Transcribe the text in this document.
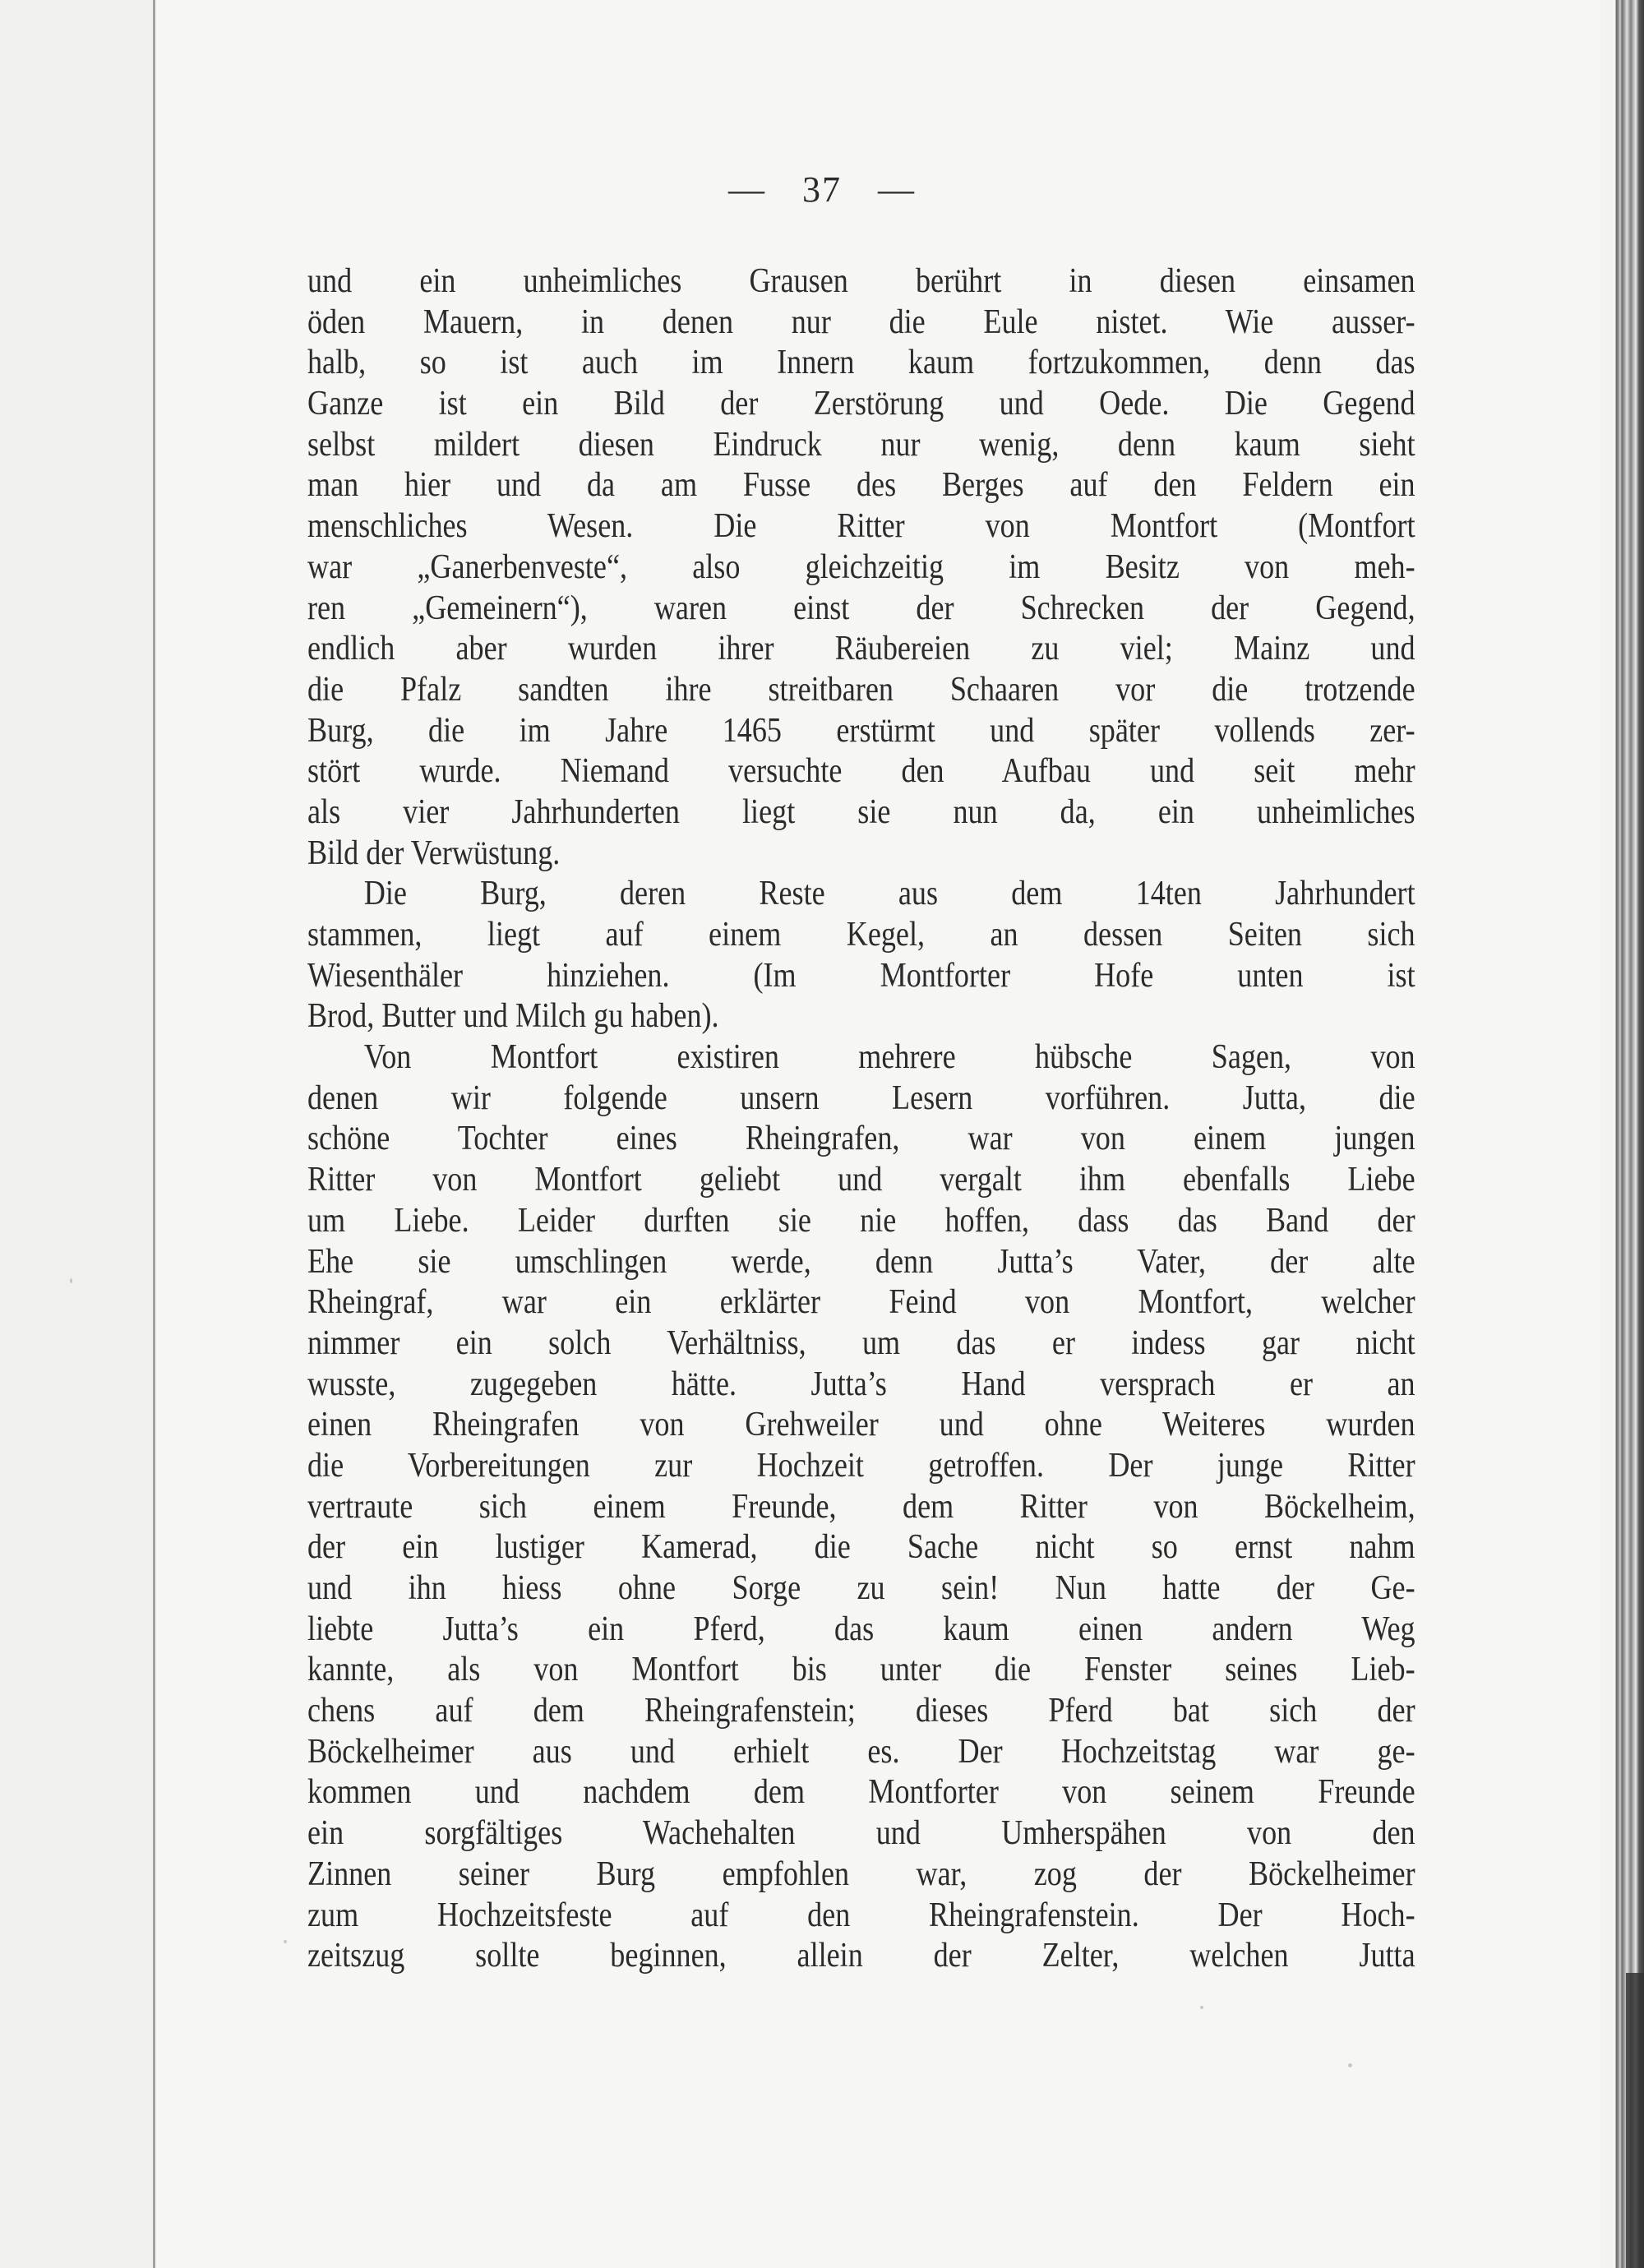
— 37 —
und ein unheimliches Grausen berührt in diesen einsamen
öden Mauern, in denen nur die Eule nistet. Wie ausser-
halb, so ist auch im Innern kaum fortzukommen, denn das
Ganze ist ein Bild der Zerstörung und Oede. Die Gegend
selbst mildert diesen Eindruck nur wenig, denn kaum sieht
man hier und da am Fusse des Berges auf den Feldern ein
menschliches Wesen. Die Ritter von Montfort (Montfort
war „Ganerbenveste“, also gleichzeitig im Besitz von meh-
ren „Gemeinern“), waren einst der Schrecken der Gegend,
endlich aber wurden ihrer Räubereien zu viel; Mainz und
die Pfalz sandten ihre streitbaren Schaaren vor die trotzende
Burg, die im Jahre 1465 erstürmt und später vollends zer-
stört wurde. Niemand versuchte den Aufbau und seit mehr
als vier Jahrhunderten liegt sie nun da, ein unheimliches
Bild der Verwüstung.
Die Burg, deren Reste aus dem 14ten Jahrhundert
stammen, liegt auf einem Kegel, an dessen Seiten sich
Wiesenthäler hinziehen. (Im Montforter Hofe unten ist
Brod, Butter und Milch gu haben).
Von Montfort existiren mehrere hübsche Sagen, von
denen wir folgende unsern Lesern vorführen. Jutta, die
schöne Tochter eines Rheingrafen, war von einem jungen
Ritter von Montfort geliebt und vergalt ihm ebenfalls Liebe
um Liebe. Leider durften sie nie hoffen, dass das Band der
Ehe sie umschlingen werde, denn Jutta’s Vater, der alte
Rheingraf, war ein erklärter Feind von Montfort, welcher
nimmer ein solch Verhältniss, um das er indess gar nicht
wusste, zugegeben hätte. Jutta’s Hand versprach er an
einen Rheingrafen von Grehweiler und ohne Weiteres wurden
die Vorbereitungen zur Hochzeit getroffen. Der junge Ritter
vertraute sich einem Freunde, dem Ritter von Böckelheim,
der ein lustiger Kamerad, die Sache nicht so ernst nahm
und ihn hiess ohne Sorge zu sein! Nun hatte der Ge-
liebte Jutta’s ein Pferd, das kaum einen andern Weg
kannte, als von Montfort bis unter die Fenster seines Lieb-
chens auf dem Rheingrafenstein; dieses Pferd bat sich der
Böckelheimer aus und erhielt es. Der Hochzeitstag war ge-
kommen und nachdem dem Montforter von seinem Freunde
ein sorgfältiges Wachehalten und Umherspähen von den
Zinnen seiner Burg empfohlen war, zog der Böckelheimer
zum Hochzeitsfeste auf den Rheingrafenstein. Der Hoch-
zeitszug sollte beginnen, allein der Zelter, welchen Jutta
